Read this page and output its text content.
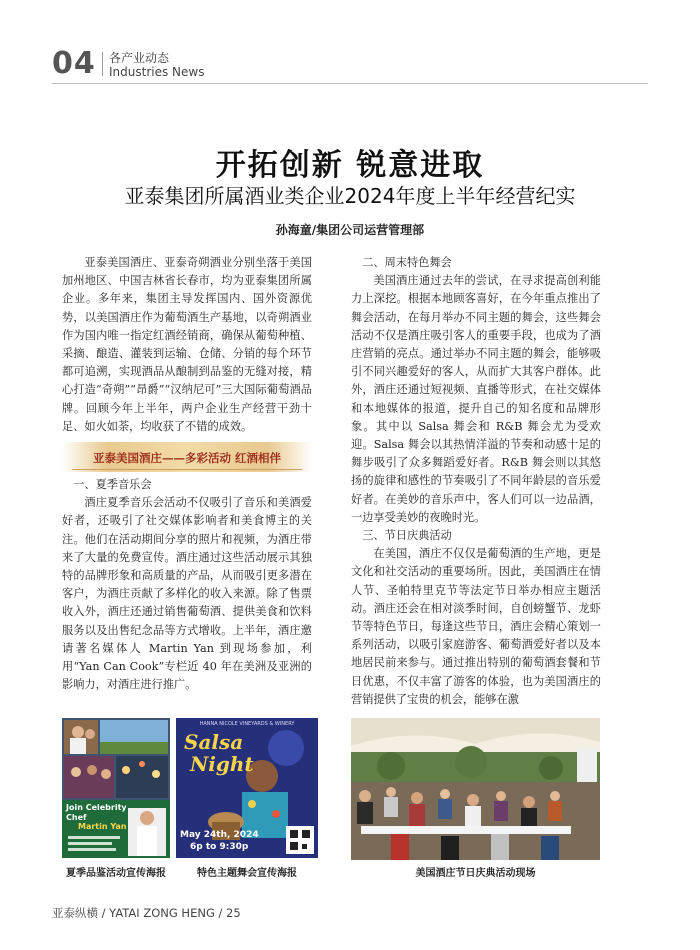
04 各产业动态
Industries News
开拓创新 锐意进取
亚泰集团所属酒业类企业2024年度上半年经营纪实
孙海童/集团公司运营管理部

亚泰美国酒庄、亚泰奇朔酒业分别坐落于美国加州地区、中国吉林省长春市，均为亚泰集团所属企业。多年来，集团主导发挥国内、国外资源优势，以美国酒庄作为葡萄酒生产基地，以奇朔酒业作为国内唯一指定红酒经销商，确保从葡萄种植、采摘、酿造、灌装到运输、仓储、分销的每个环节都可追溯，实现酒品从酿制到品鉴的无缝对接，精心打造“奇朔”“昂爵”“汉纳尼可”三大国际葡萄酒品牌。回顾今年上半年，两户企业生产经营干劲十足、如火如荼，均收获了不错的成效。

亚泰美国酒庄——多彩活动 红酒相伴

一、夏季音乐会

酒庄夏季音乐会活动不仅吸引了音乐和美酒爱好者，还吸引了社交媒体影响者和美食博主的关注。他们在活动期间分享的照片和视频，为酒庄带来了大量的免费宣传。酒庄通过这些活动展示其独特的品牌形象和高质量的产品，从而吸引更多潜在客户，为酒庄贡献了多样化的收入来源。除了售票收入外，酒庄还通过销售葡萄酒、提供美食和饮料服务以及出售纪念品等方式增收。上半年，酒庄邀请著名媒体人 Martin Yan 到现场参加，利用“Yan Can Cook”专栏近 40 年在美洲及亚洲的影响力，对酒庄进行推广。

二、周末特色舞会

美国酒庄通过去年的尝试，在寻求提高创利能力上深挖。根据本地顾客喜好，在今年重点推出了舞会活动，在每月举办不同主题的舞会，这些舞会活动不仅是酒庄吸引客人的重要手段，也成为了酒庄营销的亮点。通过举办不同主题的舞会，能够吸引不同兴趣爱好的客人，从而扩大其客户群体。此外，酒庄还通过短视频、直播等形式，在社交媒体和本地媒体的报道，提升自己的知名度和品牌形象。其中以 Salsa 舞会和 R&B 舞会尤为受欢迎。Salsa 舞会以其热情洋溢的节奏和动感十足的舞步吸引了众多舞蹈爱好者。R&B 舞会则以其悠扬的旋律和感性的节奏吸引了不同年龄层的音乐爱好者。在美妙的音乐声中，客人们可以一边品酒，一边享受美妙的夜晚时光。

三、节日庆典活动

在美国，酒庄不仅仅是葡萄酒的生产地，更是文化和社交活动的重要场所。因此，美国酒庄在情人节、圣帕特里克节等法定节日举办相应主题活动。酒庄还会在相对淡季时间，自创螃蟹节、龙虾节等特色节日，每逢这些节日，酒庄会精心策划一系列活动，以吸引家庭游客、葡萄酒爱好者以及本地居民前来参与。通过推出特别的葡萄酒套餐和节日优惠，不仅丰富了游客的体验，也为美国酒庄的营销提供了宝贵的机会，能够在激

Join Celebrity Chef
Martin Yan
HANNA NICOLE VINEYARDS & WINERY
Salsa
Night
May 24th, 2024
6p to 9:30p
夏季品鉴活动宣传海报	特色主题舞会宣传海报	美国酒庄节日庆典活动现场
亚泰纵横 / YATAI ZONG HENG / 25
